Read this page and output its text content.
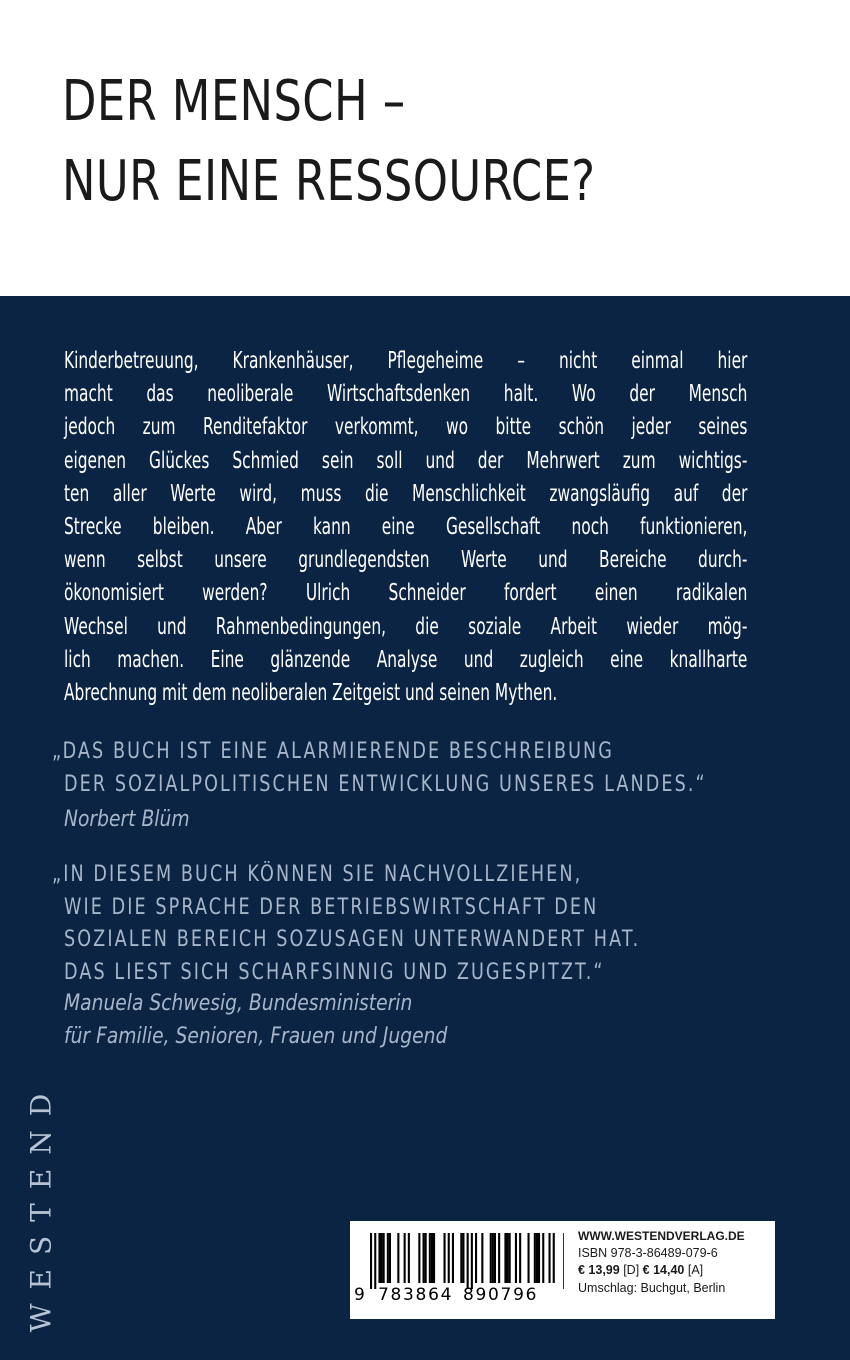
DER MENSCH –
NUR EINE RESSOURCE?
Kinderbetreuung, Krankenhäuser, Pflegeheime – nicht einmal hier
macht das neoliberale Wirtschaftsdenken halt. Wo der Mensch
jedoch zum Renditefaktor verkommt, wo bitte schön jeder seines
eigenen Glückes Schmied sein soll und der Mehrwert zum wichtigs-
ten aller Werte wird, muss die Menschlichkeit zwangsläufig auf der
Strecke bleiben. Aber kann eine Gesellschaft noch funktionieren,
wenn selbst unsere grundlegendsten Werte und Bereiche durch-
ökonomisiert werden? Ulrich Schneider fordert einen radikalen
Wechsel und Rahmenbedingungen, die soziale Arbeit wieder mög-
lich machen. Eine glänzende Analyse und zugleich eine knallharte
Abrechnung mit dem neoliberalen Zeitgeist und seinen Mythen.
„DAS BUCH IST EINE ALARMIERENDE BESCHREIBUNG
DER SOZIALPOLITISCHEN ENTWICKLUNG UNSERES LANDES.“
Norbert Blüm
„IN DIESEM BUCH KÖNNEN SIE NACHVOLLZIEHEN,
WIE DIE SPRACHE DER BETRIEBSWIRTSCHAFT DEN
SOZIALEN BEREICH SOZUSAGEN UNTERWANDERT HAT.
DAS LIEST SICH SCHARFSINNIG UND ZUGESPITZT.“
Manuela Schwesig, Bundesministerin
für Familie, Senioren, Frauen und Jugend
WESTEND	9 783864 890796
WWW.WESTENDVERLAG.DE
ISBN 978-3-86489-079-6
€ 13,99 [D] € 14,40 [A]
Umschlag: Buchgut, Berlin
